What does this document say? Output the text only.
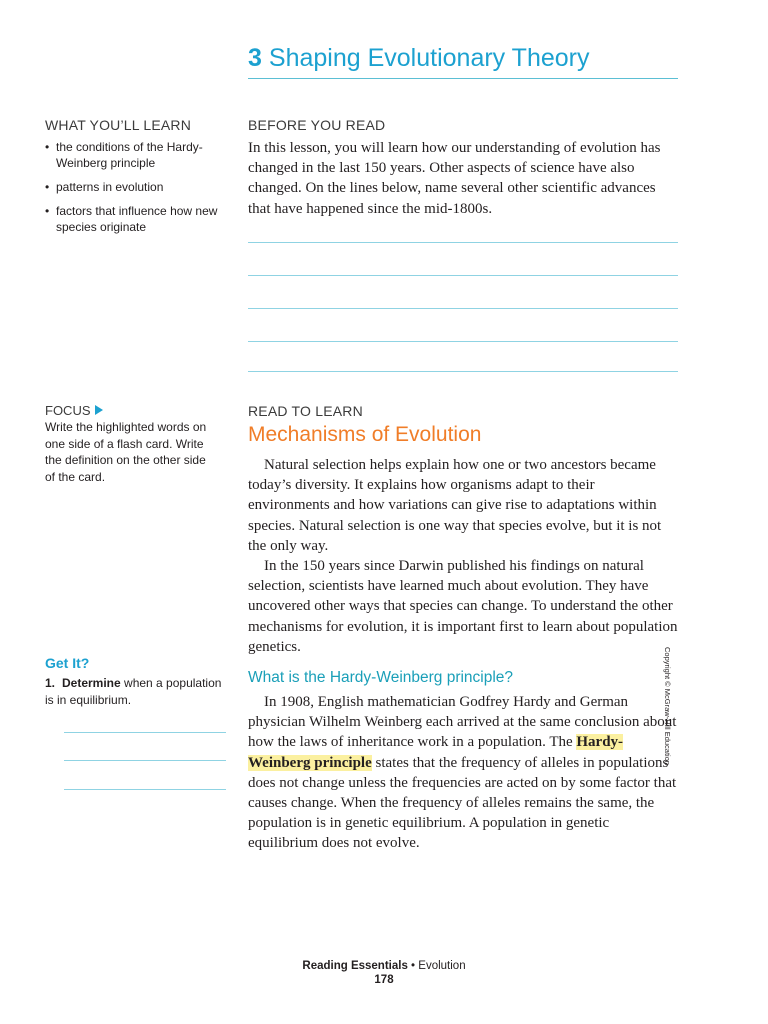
3 Shaping Evolutionary Theory
WHAT YOU’LL LEARN
• the conditions of the Hardy-Weinberg principle
• patterns in evolution
• factors that influence how new species originate
BEFORE YOU READ

In this lesson, you will learn how our understanding of evolution has changed in the last 150 years. Other aspects of science have also changed. On the lines below, name several other scientific advances that have happened since the mid-1800s.

FOCUS
Write the highlighted words on one side of a flash card. Write the definition on the other side of the card.
READ TO LEARN
Mechanisms of Evolution

Natural selection helps explain how one or two ancestors became today’s diversity. It explains how organisms adapt to their environments and how variations can give rise to adaptations within species. Natural selection is one way that species evolve, but it is not the only way.

In the 150 years since Darwin published his findings on natural selection, scientists have learned much about evolution. They have uncovered other ways that species can change. To understand the other mechanisms for evolution, it is important first to learn about population genetics.

What is the Hardy-Weinberg principle?

In 1908, English mathematician Godfrey Hardy and German physician Wilhelm Weinberg each arrived at the same conclusion about how the laws of inheritance work in a population. The Hardy-Weinberg principle states that the frequency of alleles in populations does not change unless the frequencies are acted on by some factor that causes change. When the frequency of alleles remains the same, the population is in genetic equilibrium. A population in genetic equilibrium does not evolve.

Get It?
1. Determine when a population is in equilibrium.	Copyright © McGraw-Hill Education
Reading Essentials • Evolution
178
